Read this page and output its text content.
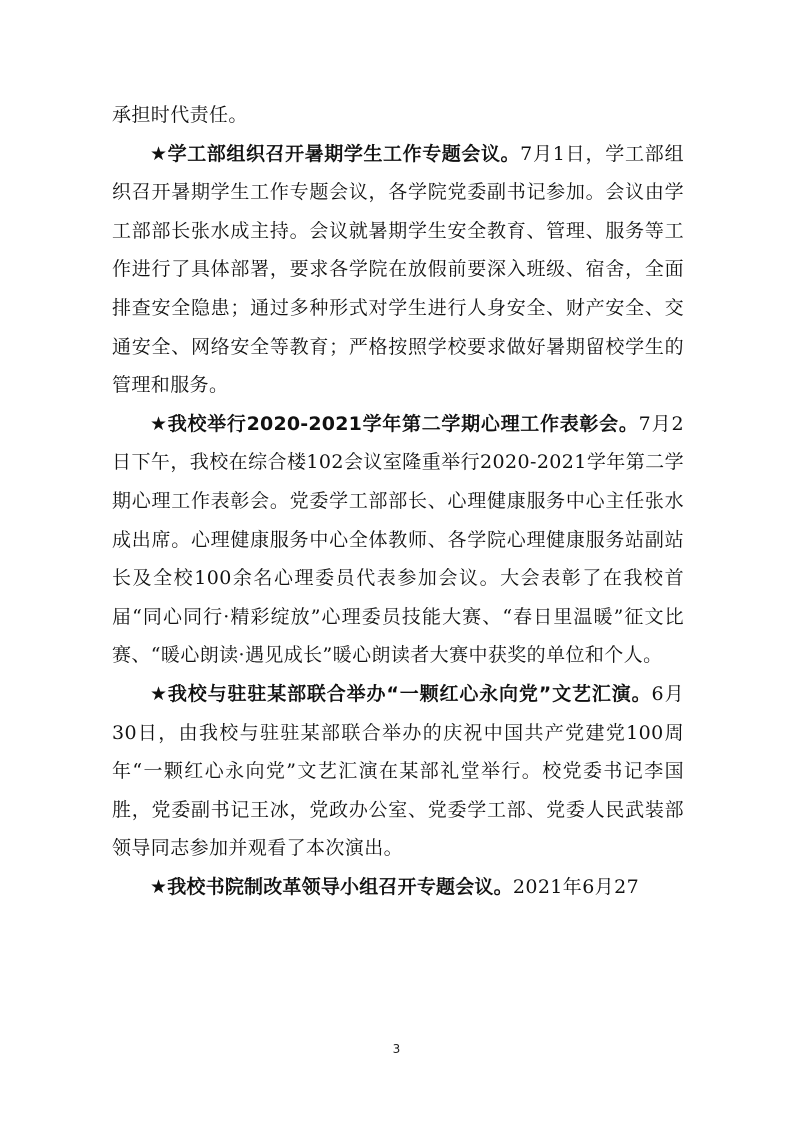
承担时代责任。

★学工部组织召开暑期学生工作专题会议。7月1日，学工部组织召开暑期学生工作专题会议，各学院党委副书记参加。会议由学工部部长张水成主持。会议就暑期学生安全教育、管理、服务等工作进行了具体部署，要求各学院在放假前要深入班级、宿舍，全面排查安全隐患；通过多种形式对学生进行人身安全、财产安全、交通安全、网络安全等教育；严格按照学校要求做好暑期留校学生的管理和服务。

★我校举行2020-2021学年第二学期心理工作表彰会。7月2日下午，我校在综合楼102会议室隆重举行2020-2021学年第二学期心理工作表彰会。党委学工部部长、心理健康服务中心主任张水成出席。心理健康服务中心全体教师、各学院心理健康服务站副站长及全校100余名心理委员代表参加会议。大会表彰了在我校首届“同心同行·精彩绽放”心理委员技能大赛、“春日里温暖”征文比赛、“暖心朗读·遇见成长”暖心朗读者大赛中获奖的单位和个人。

★我校与驻驻某部联合举办“一颗红心永向党”文艺汇演。6月30日，由我校与驻驻某部联合举办的庆祝中国共产党建党100周年“一颗红心永向党”文艺汇演在某部礼堂举行。校党委书记李国胜，党委副书记王冰，党政办公室、党委学工部、党委人民武装部领导同志参加并观看了本次演出。

★我校书院制改革领导小组召开专题会议。2021年6月27

3
